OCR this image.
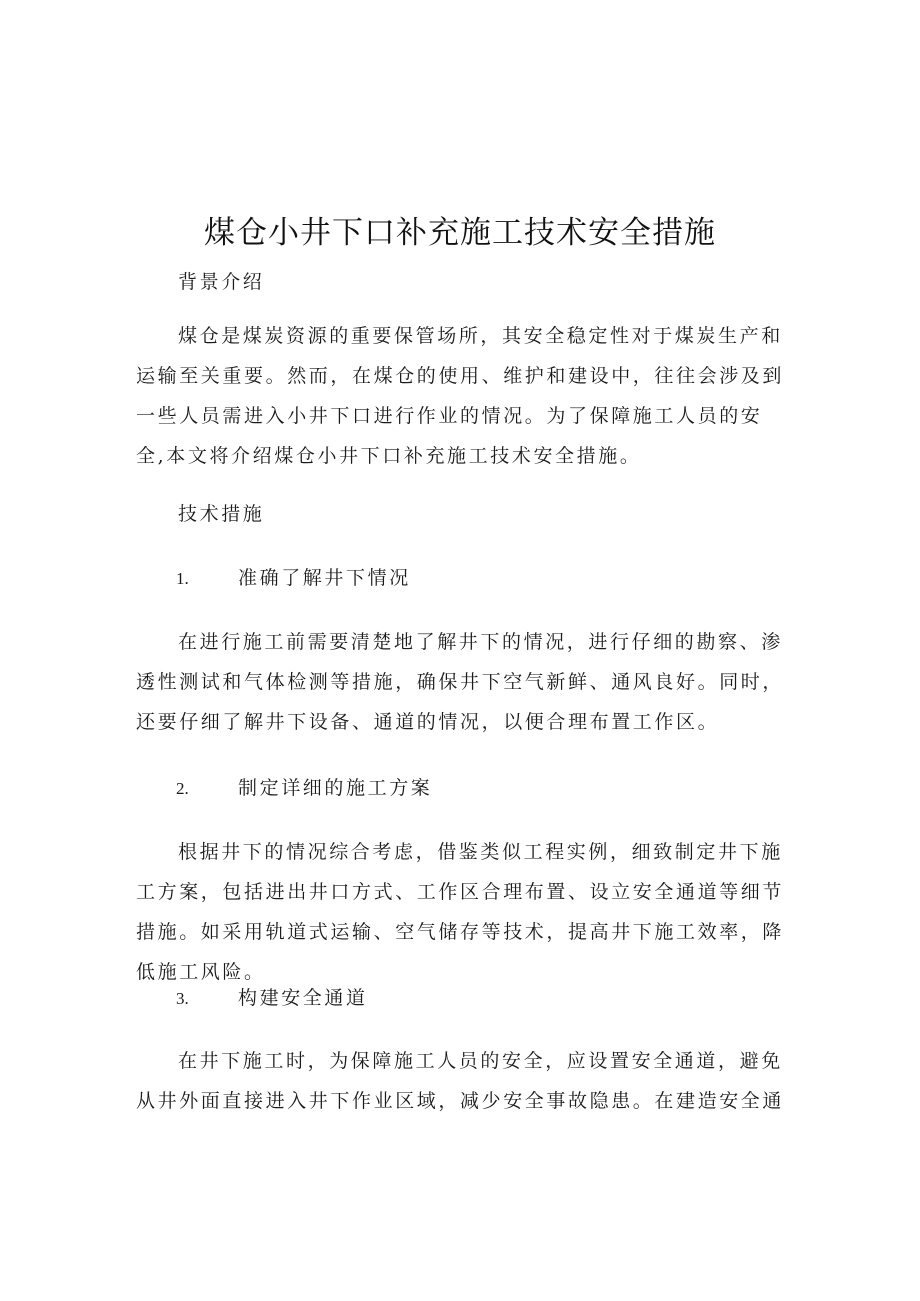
煤仓小井下口补充施工技术安全措施

背景介绍

煤仓是煤炭资源的重要保管场所，其安全稳定性对于煤炭生产和运输至关重要。然而，在煤仓的使用、维护和建设中，往往会涉及到一些人员需进入小井下口进行作业的情况。为了保障施工人员的安全,本文将介绍煤仓小井下口补充施工技术安全措施。

技术措施

1.	准确了解井下情况

在进行施工前需要清楚地了解井下的情况，进行仔细的勘察、渗透性测试和气体检测等措施，确保井下空气新鲜、通风良好。同时，还要仔细了解井下设备、通道的情况，以便合理布置工作区。

2.	制定详细的施工方案

根据井下的情况综合考虑，借鉴类似工程实例，细致制定井下施工方案，包括进出井口方式、工作区合理布置、设立安全通道等细节措施。如采用轨道式运输、空气储存等技术，提高井下施工效率，降低施工风险。

3.	构建安全通道

在井下施工时，为保障施工人员的安全，应设置安全通道，避免从井外面直接进入井下作业区域，减少安全事故隐患。在建造安全通
